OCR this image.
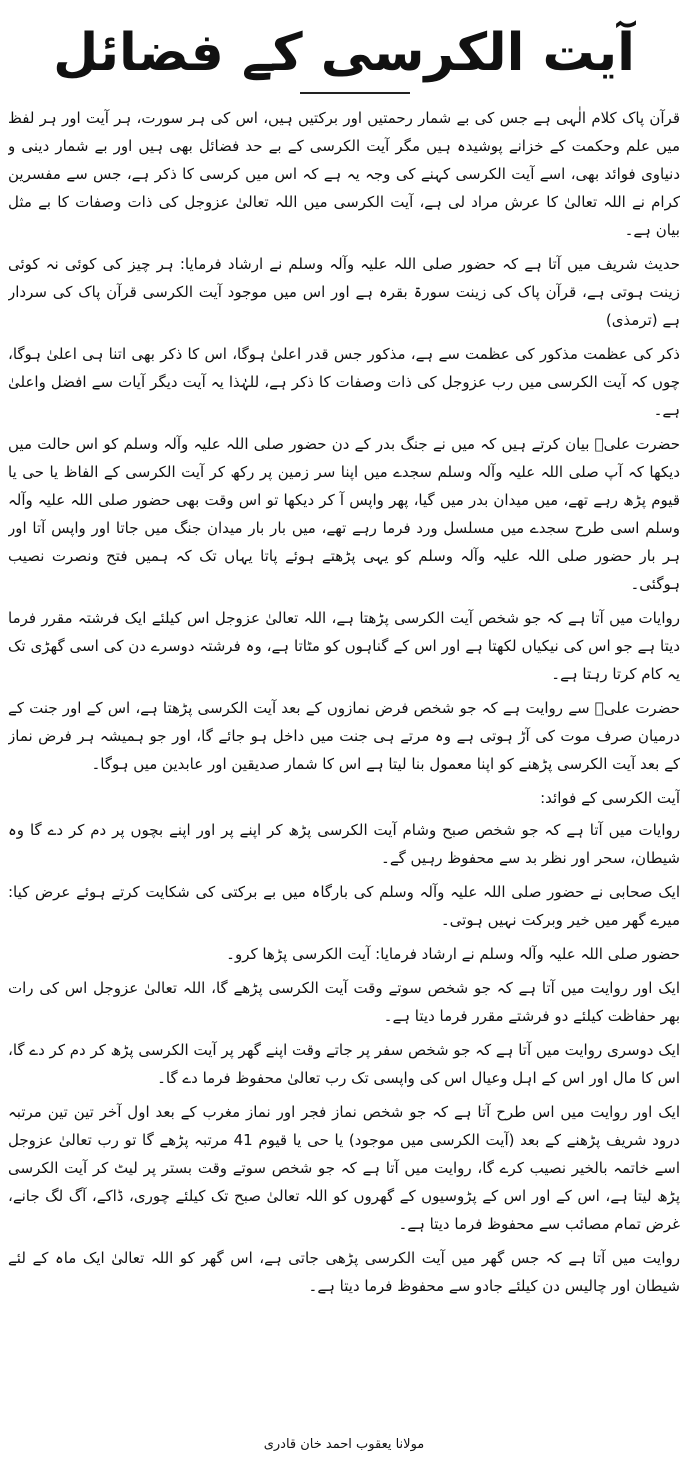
آیت الکرسی کے فضائل

قرآن پاک کلام الٰہی ہے جس کی بے شمار رحمتیں اور برکتیں ہیں، اس کی ہر سورت، ہر آیت اور ہر لفظ میں علم وحکمت کے خزانے پوشیدہ ہیں مگر آیت الکرسی کے بے حد فضائل بھی ہیں اور بے شمار دینی و دنیاوی فوائد بھی، اسے آیت الکرسی کہنے کی وجہ یہ ہے کہ اس میں کرسی کا ذکر ہے، جس سے مفسرین کرام نے اللہ تعالیٰ کا عرش مراد لی ہے، آیت الکرسی میں اللہ تعالیٰ عزوجل کی ذات وصفات کا بے مثل بیان ہے۔

حدیث شریف میں آتا ہے کہ حضور صلی اللہ علیہ وآلہ وسلم نے ارشاد فرمایا: ہر چیز کی کوئی نہ کوئی زینت ہوتی ہے، قرآن پاک کی زینت سورۃ بقرہ ہے اور اس میں موجود آیت الکرسی قرآن پاک کی سردار ہے (ترمذی)

ذکر کی عظمت مذکور کی عظمت سے ہے، مذکور جس قدر اعلیٰ ہوگا، اس کا ذکر بھی اتنا ہی اعلیٰ ہوگا، چوں کہ آیت الکرسی میں رب عزوجل کی ذات وصفات کا ذکر ہے، للہٰذا یہ آیت دیگر آیات سے افضل واعلیٰ ہے۔

حضرت علیؓ بیان کرتے ہیں کہ میں نے جنگ بدر کے دن حضور صلی اللہ علیہ وآلہ وسلم کو اس حالت میں دیکھا کہ آپ صلی اللہ علیہ وآلہ وسلم سجدے میں اپنا سر زمین پر رکھ کر آیت الکرسی کے الفاظ یا حی یا قیوم پڑھ رہے تھے، میں میدان بدر میں گیا، پھر واپس آ کر دیکھا تو اس وقت بھی حضور صلی اللہ علیہ وآلہ وسلم اسی طرح سجدے میں مسلسل ورد فرما رہے تھے، میں بار بار میدان جنگ میں جاتا اور واپس آتا اور ہر بار حضور صلی اللہ علیہ وآلہ وسلم کو یہی پڑھتے ہوئے پاتا یہاں تک کہ ہمیں فتح ونصرت نصیب ہوگئی۔

روایات میں آتا ہے کہ جو شخص آیت الکرسی پڑھتا ہے، اللہ تعالیٰ عزوجل اس کیلئے ایک فرشتہ مقرر فرما دیتا ہے جو اس کی نیکیاں لکھتا ہے اور اس کے گناہوں کو مٹاتا ہے، وہ فرشتہ دوسرے دن کی اسی گھڑی تک یہ کام کرتا رہتا ہے۔

حضرت علیؓ سے روایت ہے کہ جو شخص فرض نمازوں کے بعد آیت الکرسی پڑھتا ہے، اس کے اور جنت کے درمیان صرف موت کی آڑ ہوتی ہے وہ مرتے ہی جنت میں داخل ہو جائے گا، اور جو ہمیشہ ہر فرض نماز کے بعد آیت الکرسی پڑھنے کو اپنا معمول بنا لیتا ہے اس کا شمار صدیقین اور عابدین میں ہوگا۔

آیت الکرسی کے فوائد:

روایات میں آتا ہے کہ جو شخص صبح وشام آیت الکرسی پڑھ کر اپنے پر اور اپنے بچوں پر دم کر دے گا وہ شیطان، سحر اور نظر بد سے محفوظ رہیں گے۔

ایک صحابی نے حضور صلی اللہ علیہ وآلہ وسلم کی بارگاہ میں بے برکتی کی شکایت کرتے ہوئے عرض کیا: میرے گھر میں خیر وبرکت نہیں ہوتی۔

حضور صلی اللہ علیہ وآلہ وسلم نے ارشاد فرمایا: آیت الکرسی پڑھا کرو۔

ایک اور روایت میں آتا ہے کہ جو شخص سوتے وقت آیت الکرسی پڑھے گا، اللہ تعالیٰ عزوجل اس کی رات بھر حفاظت کیلئے دو فرشتے مقرر فرما دیتا ہے۔

ایک دوسری روایت میں آتا ہے کہ جو شخص سفر پر جاتے وقت اپنے گھر پر آیت الکرسی پڑھ کر دم کر دے گا، اس کا مال اور اس کے اہل وعیال اس کی واپسی تک رب تعالیٰ محفوظ فرما دے گا۔

ایک اور روایت میں اس طرح آتا ہے کہ جو شخص نماز فجر اور نماز مغرب کے بعد اول آخر تین تین مرتبہ درود شریف پڑھنے کے بعد (آیت الکرسی میں موجود) یا حی یا قیوم 41 مرتبہ پڑھے گا تو رب تعالیٰ عزوجل اسے خاتمہ بالخیر نصیب کرے گا، روایت میں آتا ہے کہ جو شخص سوتے وقت بستر پر لیٹ کر آیت الکرسی پڑھ لیتا ہے، اس کے اور اس کے پڑوسیوں کے گھروں کو اللہ تعالیٰ صبح تک کیلئے چوری، ڈاکے، آگ لگ جانے، غرض تمام مصائب سے محفوظ فرما دیتا ہے۔

روایت میں آتا ہے کہ جس گھر میں آیت الکرسی پڑھی جاتی ہے، اس گھر کو اللہ تعالیٰ ایک ماہ کے لئے شیطان اور چالیس دن کیلئے جادو سے محفوظ فرما دیتا ہے۔

مولانا یعقوب احمد خان قادری
